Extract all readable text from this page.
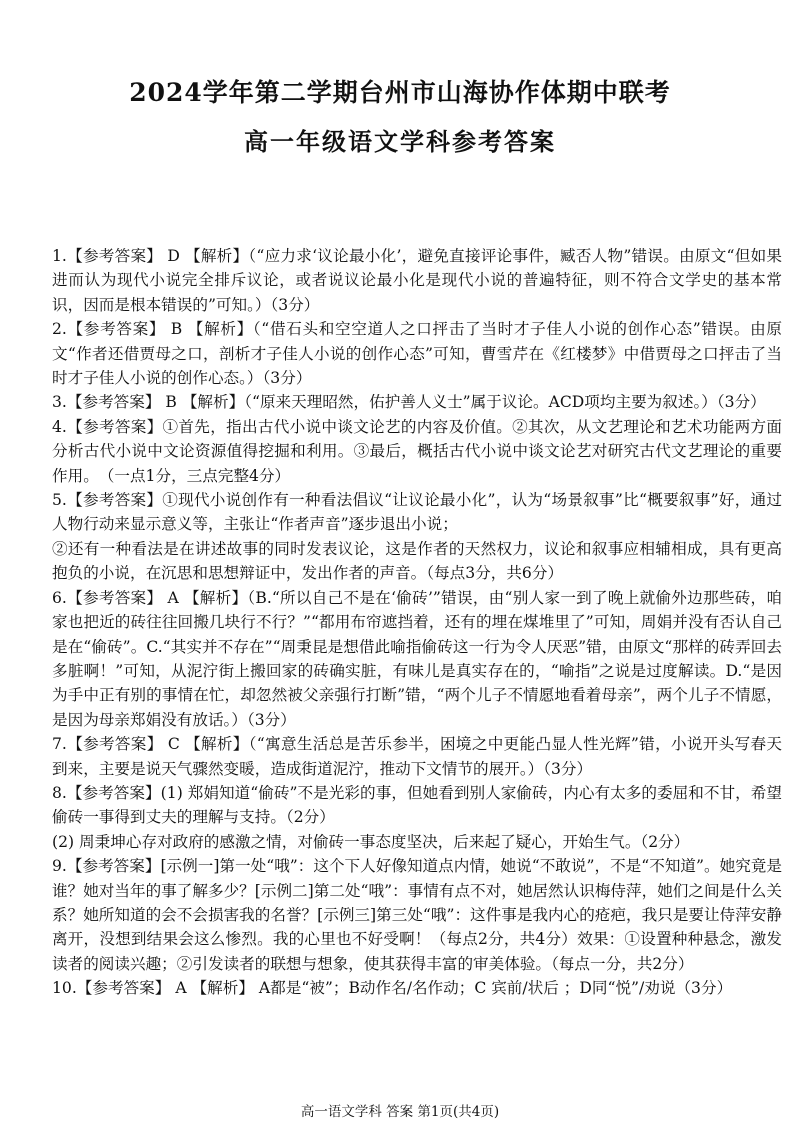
2024学年第二学期台州市山海协作体期中联考
高一年级语文学科参考答案

1.【参考答案】 D 【解析】（“应力求‘议论最小化’，避免直接评论事件，臧否人物”错误。由原文“但如果进而认为现代小说完全排斥议论，或者说议论最小化是现代小说的普遍特征，则不符合文学史的基本常识，因而是根本错误的”可知。）（3分）

2.【参考答案】 B 【解析】（“借石头和空空道人之口抨击了当时才子佳人小说的创作心态”错误。由原文“作者还借贾母之口，剖析才子佳人小说的创作心态”可知，曹雪芹在《红楼梦》中借贾母之口抨击了当时才子佳人小说的创作心态。）（3分）

3.【参考答案】 B 【解析】（“原来天理昭然，佑护善人义士”属于议论。ACD项均主要为叙述。）（3分）

4.【参考答案】①首先，指出古代小说中谈文论艺的内容及价值。②其次，从文艺理论和艺术功能两方面分析古代小说中文论资源值得挖掘和利用。③最后，概括古代小说中谈文论艺对研究古代文艺理论的重要作用。　（一点1分，三点完整4分）

5.【参考答案】①现代小说创作有一种看法倡议“让议论最小化”，认为“场景叙事”比“概要叙事”好，通过人物行动来显示意义等，主张让“作者声音”逐步退出小说；

②还有一种看法是在讲述故事的同时发表议论，这是作者的天然权力，议论和叙事应相辅相成，具有更高抱负的小说，在沉思和思想辩证中，发出作者的声音。（每点3分，共6分）

6.【参考答案】 A 【解析】（B.“所以自己不是在‘偷砖’”错误，由“别人家一到了晚上就偷外边那些砖，咱家也把近的砖往往回搬几块行不行？”“都用布帘遮挡着，还有的埋在煤堆里了”可知，周娟并没有否认自己是在“偷砖”。C.“其实并不存在”“周秉昆是想借此喻指偷砖这一行为令人厌恶”错，由原文“那样的砖弄回去多脏啊！”可知，从泥泞街上搬回家的砖确实脏，有味儿是真实存在的，“喻指”之说是过度解读。D.“是因为手中正有别的事情在忙，却忽然被父亲强行打断”错，“两个儿子不情愿地看着母亲”，两个儿子不情愿，是因为母亲郑娟没有放话。）（3分）

7.【参考答案】 C 【解析】（“寓意生活总是苦乐参半，困境之中更能凸显人性光辉”错，小说开头写春天到来，主要是说天气骤然变暖，造成街道泥泞，推动下文情节的展开。）（3分）

8.【参考答案】(1) 郑娟知道“偷砖”不是光彩的事，但她看到别人家偷砖，内心有太多的委屈和不甘，希望偷砖一事得到丈夫的理解与支持。（2分）

(2) 周秉坤心存对政府的感激之情，对偷砖一事态度坚决，后来起了疑心，开始生气。（2分）

9.【参考答案】[示例一]第一处“哦”：这个下人好像知道点内情，她说“不敢说”，不是“不知道”。她究竟是谁？她对当年的事了解多少？[示例二]第二处“哦”：事情有点不对，她居然认识梅侍萍，她们之间是什么关系？她所知道的会不会损害我的名誉？[示例三]第三处“哦”：这件事是我内心的疮疤，我只是要让侍萍安静离开，没想到结果会这么惨烈。我的心里也不好受啊！（每点2分，共4分）效果：①设置种种悬念，激发读者的阅读兴趣；②引发读者的联想与想象，使其获得丰富的审美体验。（每点一分，共2分）

10.【参考答案】 A 【解析】 A都是“被”；B动作名/名作动；C 宾前/状后 ；D同“悦”/劝说（3分）

高一语文学科 答案 第1页(共4页)
